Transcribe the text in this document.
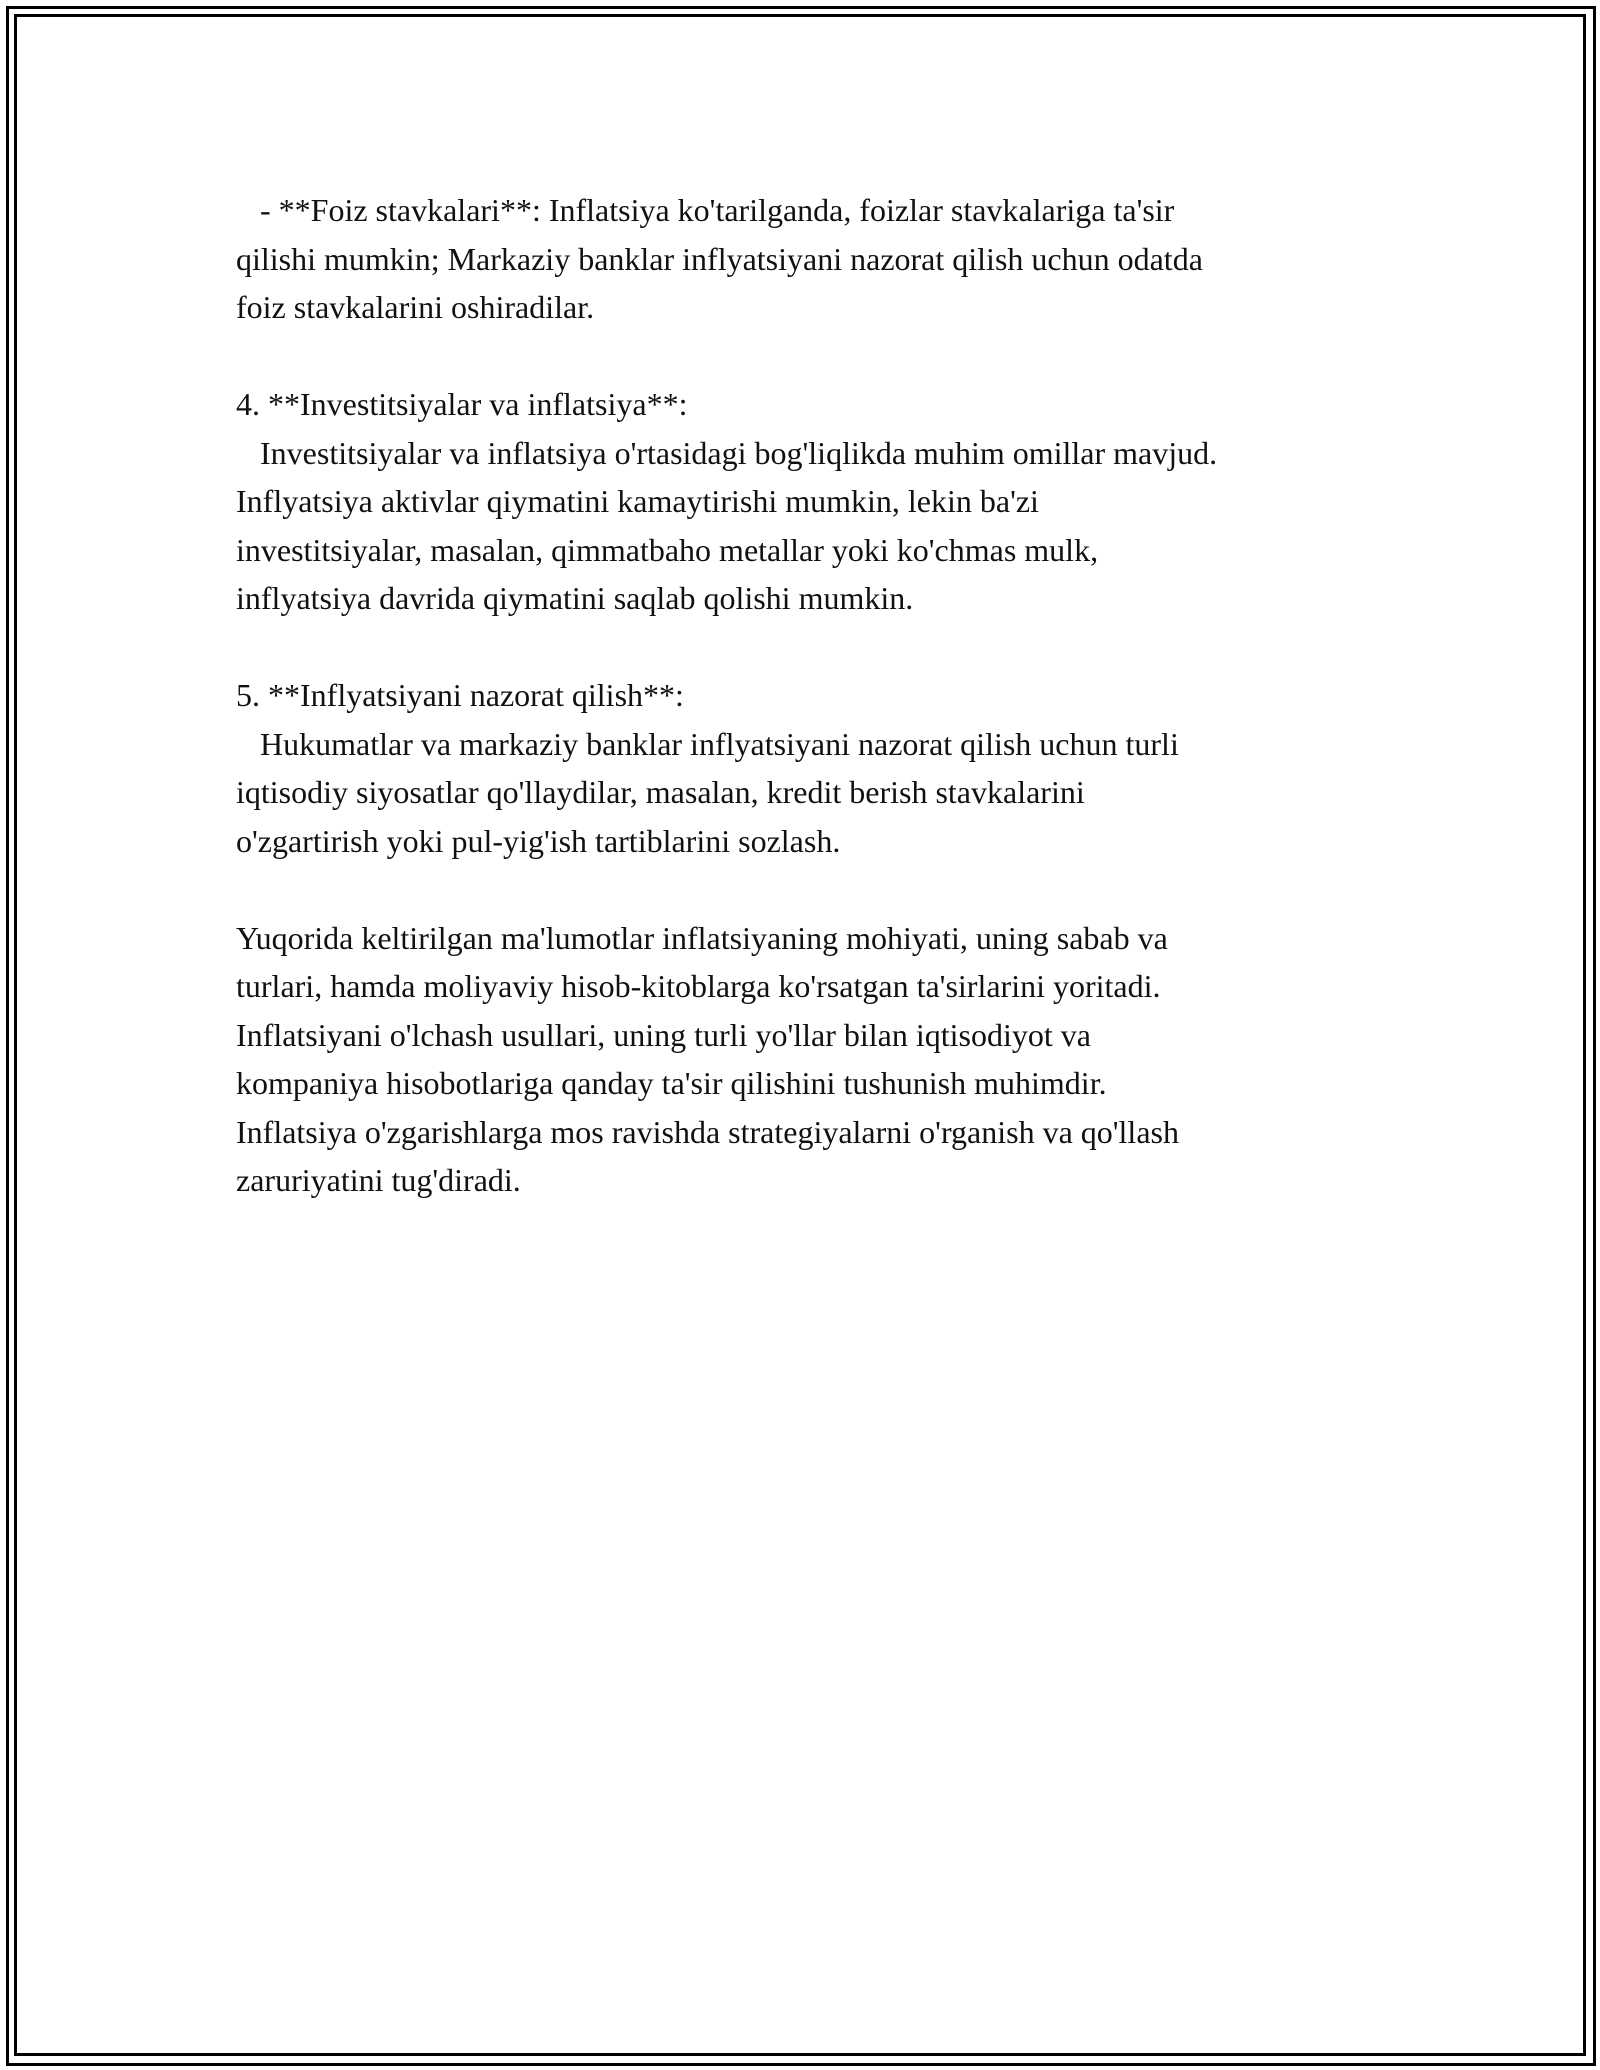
- **Foiz stavkalari**: Inflatsiya ko'tarilganda, foizlar stavkalariga ta'sir
qilishi mumkin; Markaziy banklar inflyatsiyani nazorat qilish uchun odatda
foiz stavkalarini oshiradilar.
4. **Investitsiyalar va inflatsiya**:
Investitsiyalar va inflatsiya o'rtasidagi bog'liqlikda muhim omillar mavjud.
Inflyatsiya aktivlar qiymatini kamaytirishi mumkin, lekin ba'zi
investitsiyalar, masalan, qimmatbaho metallar yoki ko'chmas mulk,
inflyatsiya davrida qiymatini saqlab qolishi mumkin.
5. **Inflyatsiyani nazorat qilish**:
Hukumatlar va markaziy banklar inflyatsiyani nazorat qilish uchun turli
iqtisodiy siyosatlar qo'llaydilar, masalan, kredit berish stavkalarini
o'zgartirish yoki pul-yig'ish tartiblarini sozlash.
Yuqorida keltirilgan ma'lumotlar inflatsiyaning mohiyati, uning sabab va
turlari, hamda moliyaviy hisob-kitoblarga ko'rsatgan ta'sirlarini yoritadi.
Inflatsiyani o'lchash usullari, uning turli yo'llar bilan iqtisodiyot va
kompaniya hisobotlariga qanday ta'sir qilishini tushunish muhimdir.
Inflatsiya o'zgarishlarga mos ravishda strategiyalarni o'rganish va qo'llash
zaruriyatini tug'diradi.
